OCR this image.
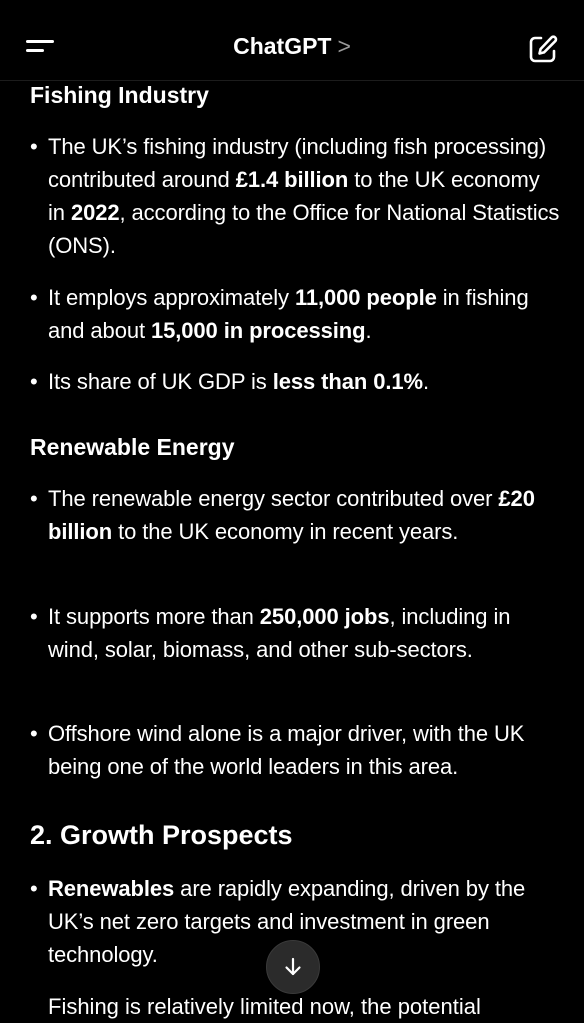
ChatGPT >
Fishing Industry
• The UK’s fishing industry (including fish processing) contributed around £1.4 billion to the UK economy in 2022, according to the Office for National Statistics (ONS).
• It employs approximately 11,000 people in fishing and about 15,000 in processing.
• Its share of UK GDP is less than 0.1%.
Renewable Energy
• The renewable energy sector contributed over £20 billion to the UK economy in recent years.
• It supports more than 250,000 jobs, including in wind, solar, biomass, and other sub-sectors.
• Offshore wind alone is a major driver, with the UK being one of the world leaders in this area.
2. Growth Prospects
• Renewables are rapidly expanding, driven by the UK’s net zero targets and investment in green technology.
Fishing is relatively limited now, the potential
